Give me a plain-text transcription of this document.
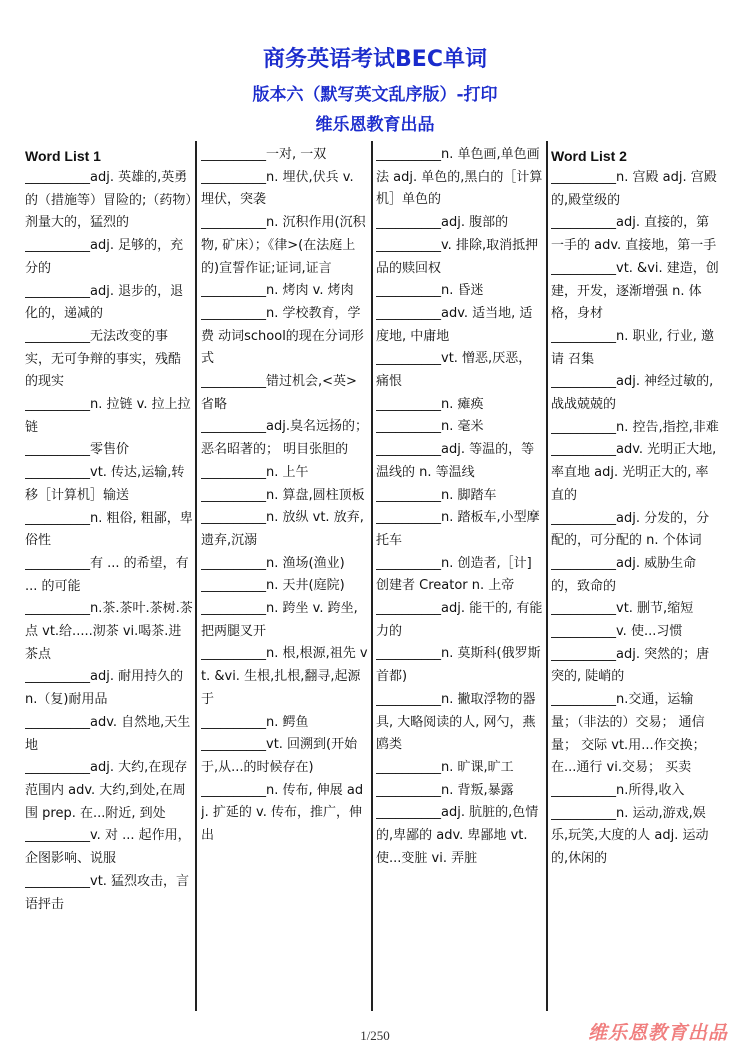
商务英语考试BEC单词
版本六（默写英文乱序版）-打印
维乐恩教育出品
Word List 1
__________adj. 英雄的,英勇的（措施等）冒险的;（药物）剂量大的，猛烈的
__________adj. 足够的，充分的
__________adj. 退步的，退化的，递减的
__________无法改变的事实，无可争辩的事实，残酷的现实
__________n. 拉链 v. 拉上拉链
__________零售价
__________vt. 传达,运输,转移［计算机］输送
__________n. 粗俗, 粗鄙，卑俗性
__________有 ... 的希望，有 ... 的可能
__________n.茶.茶叶.茶树.茶点 vt.给.....沏茶 vi.喝茶.进茶点
__________adj. 耐用持久的 n.（复)耐用品
__________adv. 自然地,天生地
__________adj. 大约,在现存范围内 adv. 大约,到处,在周围 prep. 在...附近, 到处
__________v. 对 ... 起作用，企图影响、说服
__________vt. 猛烈攻击，言语抨击
__________一对, 一双
__________n. 埋伏,伏兵 v. 埋伏，突袭
__________n. 沉积作用(沉积物, 矿床）；《律>(在法庭上的)宣誓作证;证词,证言
__________n. 烤肉 v. 烤肉
__________n. 学校教育，学费 动词school的现在分词形式
__________错过机会,<英>省略
__________adj.臭名远扬的； 恶名昭著的； 明目张胆的
__________n. 上午
__________n. 算盘,圆柱顶板
__________n. 放纵 vt. 放弃,遗弃,沉溺
__________n. 渔场(渔业)
__________n. 天井(庭院)
__________n. 跨坐 v. 跨坐, 把两腿叉开
__________n. 根,根源,祖先 vt. &vi. 生根,扎根,翻寻,起源于
__________n. 鳄鱼
__________vt. 回溯到(开始于,从...的时候存在)
__________n. 传布, 伸展 adj. 扩延的 v. 传布，推广，伸出
__________n. 单色画,单色画法 adj. 单色的,黑白的［计算机］单色的
__________adj. 腹部的
__________v. 排除,取消抵押品的赎回权
__________n. 昏迷
__________adv. 适当地, 适度地, 中庸地
__________vt. 憎恶,厌恶，痛恨
__________n. 瘫痪
__________n. 毫米
__________adj. 等温的，等温线的 n. 等温线
__________n. 脚踏车
__________n. 踏板车,小型摩托车
__________n. 创造者,［计]创建者 Creator n. 上帝
__________adj. 能干的, 有能力的
__________n. 莫斯科(俄罗斯首都)
__________n. 撇取浮物的器具, 大略阅读的人, 网勺，燕鸥类
__________n. 旷课,旷工
__________n. 背叛,暴露
__________adj. 肮脏的,色情的,卑鄙的 adv. 卑鄙地 vt. 使...变脏 vi. 弄脏
Word List 2
__________n. 宫殿 adj. 宫殿的,殿堂级的
__________adj. 直接的，第一手的 adv. 直接地，第一手
__________vt. &vi. 建造，创建，开发，逐渐增强 n. 体格，身材
__________n. 职业, 行业, 邀请 召集
__________adj. 神经过敏的, 战战兢兢的
__________n. 控告,指控,非难
__________adv. 光明正大地, 率直地 adj. 光明正大的, 率直的
__________adj. 分发的，分配的，可分配的 n. 个体词
__________adj. 威胁生命的，致命的
__________vt. 删节,缩短
__________v. 使...习惯
__________adj. 突然的；唐突的, 陡峭的
__________n.交通，运输量；（非法的）交易； 通信量； 交际 vt.用...作交换； 在...通行 vi.交易； 买卖
__________n.所得,收入
__________n. 运动,游戏,娱乐,玩笑,大度的人 adj. 运动的,休闲的
1/250	维乐恩教育出品
